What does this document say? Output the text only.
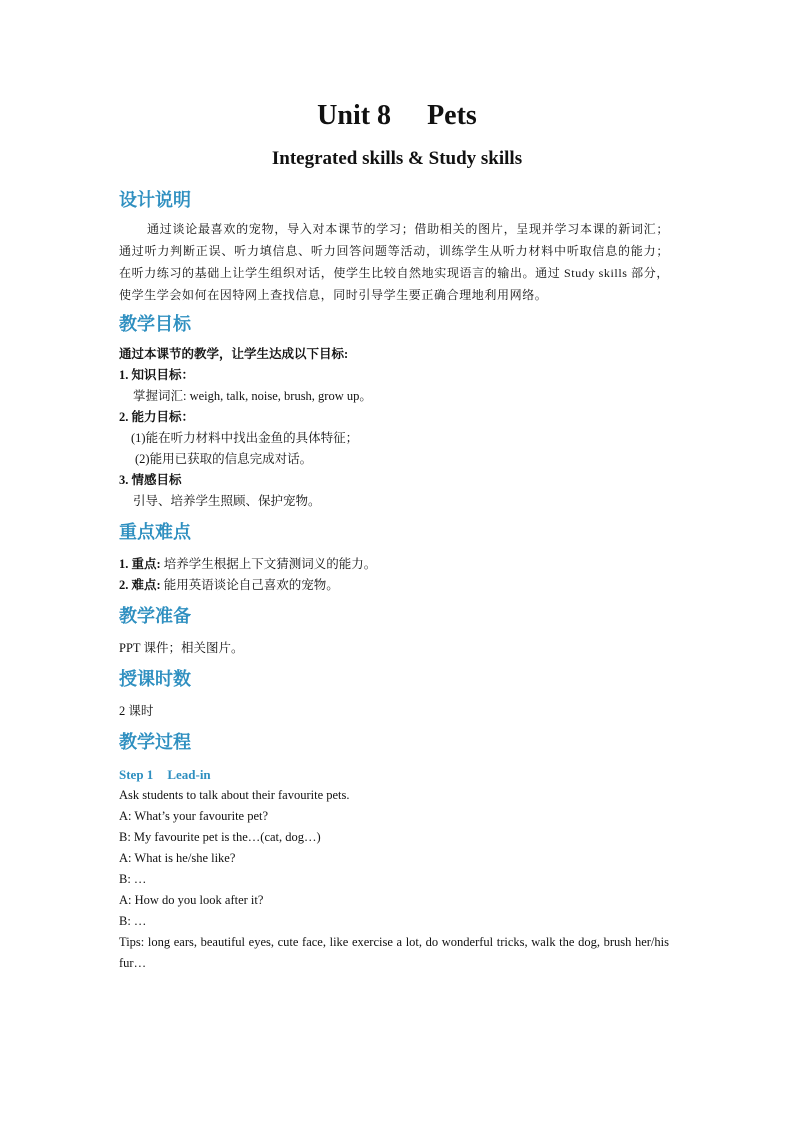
Unit 8 Pets
Integrated skills & Study skills

设计说明

通过谈论最喜欢的宠物，导入对本课节的学习；借助相关的图片，呈现并学习本课的新词汇；通过听力判断正误、听力填信息、听力回答问题等活动，训练学生从听力材料中听取信息的能力；在听力练习的基础上让学生组织对话，使学生比较自然地实现语言的输出。通过 Study skills 部分，使学生学会如何在因特网上查找信息，同时引导学生要正确合理地利用网络。

教学目标

通过本课节的教学，让学生达成以下目标:

1. 知识目标：

掌握词汇: weigh, talk, noise, brush, grow up。

2. 能力目标：

(1)能在听力材料中找出金鱼的具体特征；

(2)能用已获取的信息完成对话。

3. 情感目标

引导、培养学生照顾、保护宠物。

重点难点

1. 重点: 培养学生根据上下文猜测词义的能力。

2. 难点: 能用英语谈论自己喜欢的宠物。

教学准备

PPT 课件；相关图片。

授课时数

2 课时

教学过程

Step 1 Lead-in

Ask students to talk about their favourite pets.

A: What’s your favourite pet?

B: My favourite pet is the…(cat, dog…)

A: What is he/she like?

B: …

A: How do you look after it?

B: …

Tips: long ears, beautiful eyes, cute face, like exercise a lot, do wonderful tricks, walk the dog, brush her/his fur…
